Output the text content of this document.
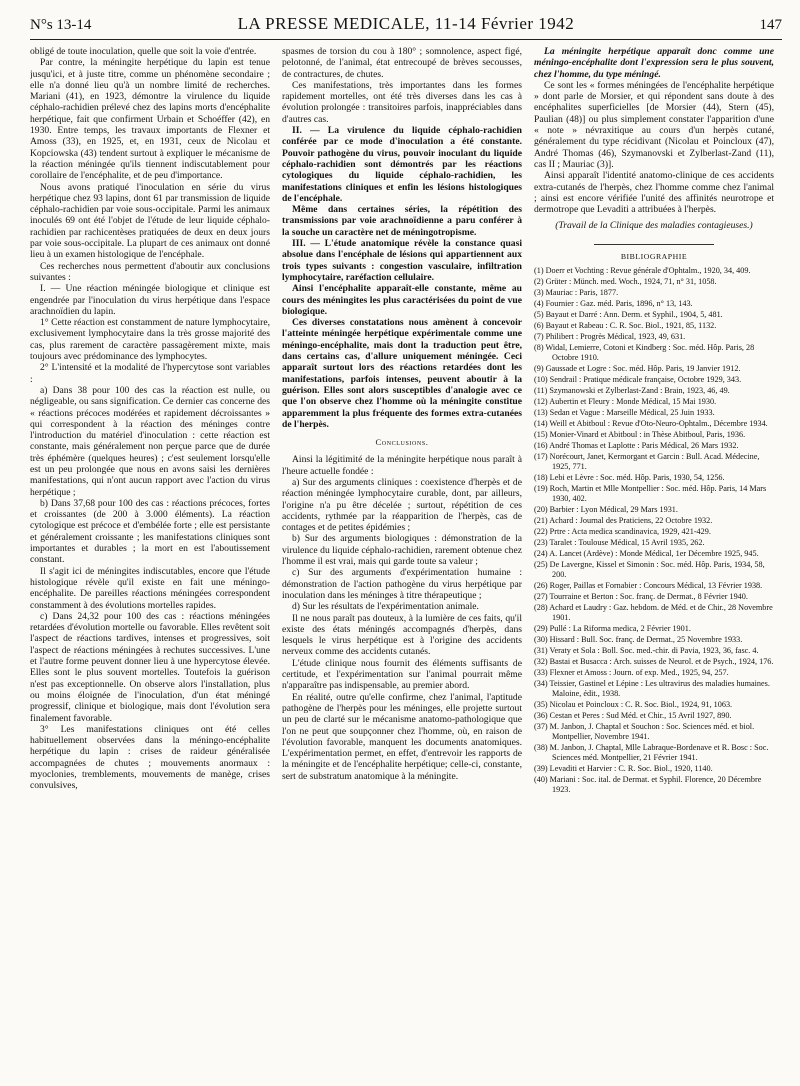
N°s 13-14	LA PRESSE MEDICALE, 11-14 Février 1942	147

obligé de toute inoculation, quelle que soit la voie d'entrée.

Par contre, la méningite herpétique du lapin est tenue jusqu'ici, et à juste titre, comme un phénomène secondaire ; elle n'a donné lieu qu'à un nombre limité de recherches. Mariani (41), en 1923, démontre la virulence du liquide céphalo-rachidien prélevé chez des lapins morts d'encéphalite herpétique, fait que confirment Urbain et Schoéffer (42), en 1930. Entre temps, les travaux importants de Flexner et Amoss (33), en 1925, et, en 1931, ceux de Nicolau et Kopciowska (43) tendent surtout à expliquer le mécanisme de la réaction méningée qu'ils tiennent indiscutablement pour corollaire de l'encéphalite, et de peu d'importance.

Nous avons pratiqué l'inoculation en série du virus herpétique chez 93 lapins, dont 61 par transmission de liquide céphalo-rachidien par voie sous-occipitale. Parmi les animaux inoculés 69 ont été l'objet de l'étude de leur liquide céphalo-rachidien par rachicentèses pratiquées de deux en deux jours par voie sous-occipitale. La plupart de ces animaux ont donné lieu à un examen histologique de l'encéphale.

Ces recherches nous permettent d'aboutir aux conclusions suivantes :

I. — Une réaction méningée biologique et clinique est engendrée par l'inoculation du virus herpétique dans l'espace arachnoïdien du lapin.

1° Cette réaction est constamment de nature lymphocytaire, exclusivement lymphocytaire dans la très grosse majorité des cas, plus rarement de caractère passagèrement mixte, mais toujours avec prédominance des lymphocytes.

2° L'intensité et la modalité de l'hypercytose sont variables :

a) Dans 38 pour 100 des cas la réaction est nulle, ou négligeable, ou sans signification. Ce dernier cas concerne des « réactions précoces modérées et rapidement décroissantes » qui correspondent à la réaction des méninges contre l'introduction du matériel d'inoculation : cette réaction est constante, mais généralement non perçue parce que de durée très éphémère (quelques heures) ; c'est seulement lorsqu'elle est un peu prolongée que nous en avons saisi les dernières manifestations, qui n'ont aucun rapport avec l'action du virus herpétique ;

b) Dans 37,68 pour 100 des cas : réactions précoces, fortes et croissantes (de 200 à 3.000 éléments). La réaction cytologique est précoce et d'embélée forte ; elle est persistante et généralement croissante ; les manifestations cliniques sont importantes et durables ; la mort en est l'aboutissement constant.

Il s'agit ici de méningites indiscutables, encore que l'étude histologique révèle qu'il existe en fait une méningo-encéphalite. De pareilles réactions méningées correspondent constamment à des évolutions mortelles rapides.

c) Dans 24,32 pour 100 des cas : réactions méningées retardées d'évolution mortelle ou favorable. Elles revêtent soit l'aspect de réactions tardives, intenses et progressives, soit l'aspect de réactions méningées à rechutes successives. L'une et l'autre forme peuvent donner lieu à une hypercytose élevée. Elles sont le plus souvent mortelles. Toutefois la guérison n'est pas exceptionnelle. On observe alors l'installation, plus ou moins éloignée de l'inoculation, d'un état méningé progressif, clinique et biologique, mais dont l'évolution sera finalement favorable.

3° Les manifestations cliniques ont été celles habituellement observées dans la méningo-encéphalite herpétique du lapin : crises de raideur généralisée accompagnées de chutes ; mouvements anormaux : myoclonies, tremblements, mouvements de manège, crises convulsives,

spasmes de torsion du cou à 180° ; somnolence, aspect figé, pelotonné, de l'animal, état entrecoupé de brèves secousses, de contractures, de chutes.

Ces manifestations, très importantes dans les formes rapidement mortelles, ont été très diverses dans les cas à évolution prolongée : transitoires parfois, inappréciables dans d'autres cas.

II. — La virulence du liquide céphalo-rachidien conférée par ce mode d'inoculation a été constante. Pouvoir pathogène du virus, pouvoir inoculant du liquide céphalo-rachidien sont démontrés par les réactions cytologiques du liquide céphalo-rachidien, les manifestations cliniques et enfin les lésions histologiques de l'encéphale.

Même dans certaines séries, la répétition des transmissions par voie arachnoïdienne a paru conférer à la souche un caractère net de méningotropisme.

III. — L'étude anatomique révèle la constance quasi absolue dans l'encéphale de lésions qui appartiennent aux trois types suivants : congestion vasculaire, infiltration lymphocytaire, raréfaction cellulaire.

Ainsi l'encéphalite apparaît-elle constante, même au cours des méningites les plus caractérisées du point de vue biologique.

Ces diverses constatations nous amènent à concevoir l'atteinte méningée herpétique expérimentale comme une méningo-encéphalite, mais dont la traduction peut être, dans certains cas, d'allure uniquement méningée. Ceci apparaît surtout lors des réactions retardées dont les manifestations, parfois intenses, peuvent aboutir à la guérison. Elles sont alors susceptibles d'analogie avec ce que l'on observe chez l'homme où la méningite constitue apparemment la plus fréquente des formes extra-cutanées de l'herpès.

Conclusions.

Ainsi la légitimité de la méningite herpétique nous paraît à l'heure actuelle fondée :

a) Sur des arguments cliniques : coexistence d'herpès et de réaction méningée lymphocytaire curable, dont, par ailleurs, l'origine n'a pu être décelée ; surtout, répétition de ces accidents, rythmée par la réapparition de l'herpès, cas de contages et de petites épidémies ;

b) Sur des arguments biologiques : démonstration de la virulence du liquide céphalo-rachidien, rarement obtenue chez l'homme il est vrai, mais qui garde toute sa valeur ;

c) Sur des arguments d'expérimentation humaine : démonstration de l'action pathogène du virus herpétique par inoculation dans les méninges à titre thérapeutique ;

d) Sur les résultats de l'expérimentation animale.

Il ne nous paraît pas douteux, à la lumière de ces faits, qu'il existe des états méningés accompagnés d'herpès, dans lesquels le virus herpétique est à l'origine des accidents nerveux comme des accidents cutanés.

L'étude clinique nous fournit des éléments suffisants de certitude, et l'expérimentation sur l'animal pourrait même n'apparaître pas indispensable, au premier abord.

En réalité, outre qu'elle confirme, chez l'animal, l'aptitude pathogène de l'herpès pour les méninges, elle projette surtout un peu de clarté sur le mécanisme anatomo-pathologique que l'on ne peut que soupçonner chez l'homme, où, en raison de l'évolution favorable, manquent les documents anatomiques. L'expérimentation permet, en effet, d'entrevoir les rapports de la méningite et de l'encéphalite herpétique; celle-ci, constante, sert de substratum anatomique à la méningite.

La méningite herpétique apparaît donc comme une méningo-encéphalite dont l'expression sera le plus souvent, chez l'homme, du type méningé.

Ce sont les « formes méningées de l'encéphalite herpétique » dont parle de Morsier, et qui répondent sans doute à des encéphalites superficielles [de Morsier (44), Stern (45), Paulian (48)] ou plus simplement constater l'apparition d'une « note » névraxitique au cours d'un herpès cutané, généralement du type récidivant (Nicolau et Poincloux (47), André Thomas (46), Szymanovski et Zylberlast-Zand (11), cas II ; Mauriac (3)].

Ainsi apparaît l'identité anatomo-clinique de ces accidents extra-cutanés de l'herpès, chez l'homme comme chez l'animal ; ainsi est encore vérifiée l'unité des affinités neurotrope et dermotrope que Levaditi a attribuées à l'herpès.

(Travail de la Clinique des maladies contagieuses.)

BIBLIOGRAPHIE

(1) Doerr et Vochting : Revue générale d'Ophtalm., 1920, 34, 409.

(2) Grüter : Münch. med. Woch., 1924, 71, n° 31, 1058.

(3) Mauriac : Paris, 1877.

(4) Fournier : Gaz. méd. Paris, 1896, n° 13, 143.

(5) Bayaut et Darré : Ann. Derm. et Syphil., 1904, 5, 481.

(6) Bayaut et Rabeau : C. R. Soc. Biol., 1921, 85, 1132.

(7) Philibert : Progrès Médical, 1923, 49, 631.

(8) Widal, Lemierre, Cotoni et Kindberg : Soc. méd. Hôp. Paris, 28 Octobre 1910.

(9) Gaussade et Logre : Soc. méd. Hôp. Paris, 19 Janvier 1912.

(10) Sendrail : Pratique médicale française, Octobre 1929, 343.

(11) Szymanowski et Zylberlast-Zand : Brain, 1923, 46, 49.

(12) Aubertin et Fleury : Monde Médical, 15 Mai 1930.

(13) Sedan et Vague : Marseille Médical, 25 Juin 1933.

(14) Weill et Abitboul : Revue d'Oto-Neuro-Ophtalm., Décembre 1934.

(15) Monier-Vinard et Abitboul : in Thèse Abitboul, Paris, 1936.

(16) André Thomas et Laplotte : Paris Médical, 26 Mars 1932.

(17) Norécourt, Janet, Kermorgant et Garcin : Bull. Acad. Médecine, 1925, 771.

(18) Lebi et Lèvre : Soc. méd. Hôp. Paris, 1930, 54, 1256.

(19) Roch, Martin et Mlle Montpellier : Soc. méd. Hôp. Paris, 14 Mars 1930, 402.

(20) Barbier : Lyon Médical, 29 Mars 1931.

(21) Achard : Journal des Praticiens, 22 Octobre 1932.

(22) Prtre : Acta medica scandinavica, 1929, 421-429.

(23) Taralet : Toulouse Médical, 15 Avril 1935, 262.

(24) A. Lancet (Ardève) : Monde Médical, 1er Décembre 1925, 945.

(25) De Lavergne, Kissel et Simonin : Soc. méd. Hôp. Paris, 1934, 58, 200.

(26) Roger, Paillas et Fornabier : Concours Médical, 13 Février 1938.

(27) Tourraine et Berton : Soc. franç. de Dermat., 8 Février 1940.

(28) Achard et Laudry : Gaz. hebdom. de Méd. et de Chir., 28 Novembre 1901.

(29) Pullé : La Riforma medica, 2 Février 1901.

(30) Hissard : Bull. Soc. franç. de Dermat., 25 Novembre 1933.

(31) Veraty et Sola : Boll. Soc. med.-chir. di Pavia, 1923, 36, fasc. 4.

(32) Bastai et Busacca : Arch. suisses de Neurol. et de Psych., 1924, 176.

(33) Flexner et Amoss : Journ. of exp. Med., 1925, 94, 257.

(34) Teissier, Gastinel et Lépine : Les ultravirus des maladies humaines. Maloine, édit., 1938.

(35) Nicolau et Poincloux : C. R. Soc. Biol., 1924, 91, 1063.

(36) Cestan et Peres : Sud Méd. et Chir., 15 Avril 1927, 890.

(37) M. Janbon, J. Chaptal et Souchon : Soc. Sciences méd. et biol. Montpellier, Novembre 1941.

(38) M. Janbon, J. Chaptal, Mlle Labraque-Bordenave et R. Bosc : Soc. Sciences méd. Montpellier, 21 Février 1941.

(39) Levaditi et Harvier : C. R. Soc. Biol., 1920, 1140.

(40) Mariani : Soc. ital. de Dermat. et Syphil. Florence, 20 Décembre 1923.
